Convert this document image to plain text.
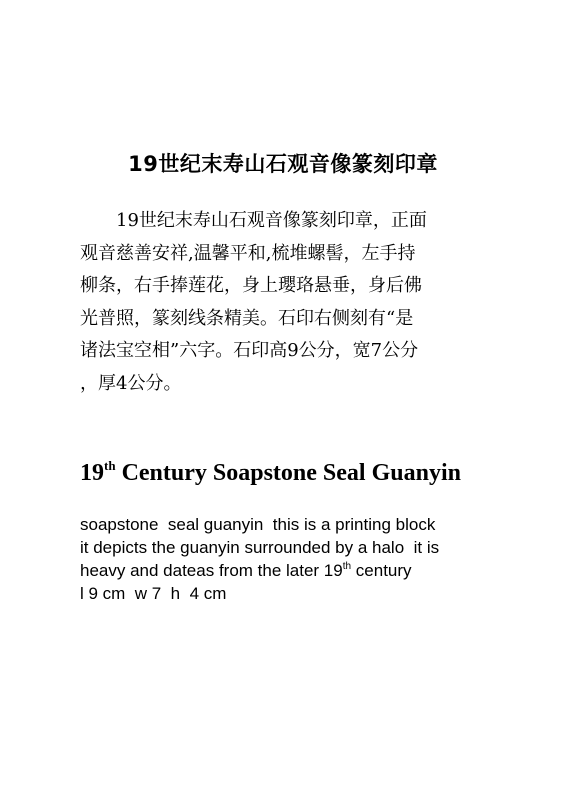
19世纪末寿山石观音像篆刻印章
19世纪末寿山石观音像篆刻印章，正面
观音慈善安祥,温馨平和,梳堆螺髻，左手持
柳条，右手捧莲花，身上瓔珞悬垂，身后佛
光普照，篆刻线条精美。石印右侧刻有“是
诸法宝空相”六字。石印高9公分，宽7公分
，厚4公分。
19th Century Soapstone Seal Guanyin
soapstone  seal guanyin  this is a printing block
it depicts the guanyin surrounded by a halo  it is
heavy and dateas from the later 19th century
l 9 cm  w 7  h  4 cm
